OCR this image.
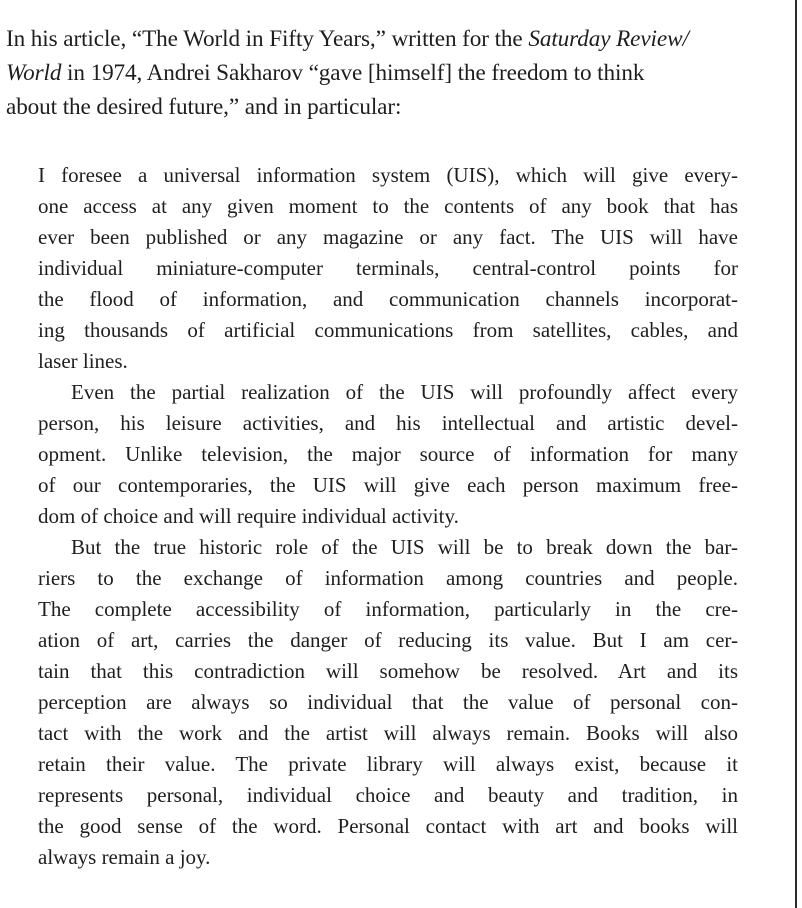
In his article, “The World in Fifty Years,” written for the Saturday Review/
World in 1974, Andrei Sakharov “gave [himself] the freedom to think
about the desired future,” and in particular:
I foresee a universal information system (UIS), which will give every-
one access at any given moment to the contents of any book that has
ever been published or any magazine or any fact. The UIS will have
individual miniature-computer terminals, central-control points for
the flood of information, and communication channels incorporat-
ing thousands of artificial communications from satellites, cables, and
laser lines.
Even the partial realization of the UIS will profoundly affect every
person, his leisure activities, and his intellectual and artistic devel-
opment. Unlike television, the major source of information for many
of our contemporaries, the UIS will give each person maximum free-
dom of choice and will require individual activity.
But the true historic role of the UIS will be to break down the bar-
riers to the exchange of information among countries and people.
The complete accessibility of information, particularly in the cre-
ation of art, carries the danger of reducing its value. But I am cer-
tain that this contradiction will somehow be resolved. Art and its
perception are always so individual that the value of personal con-
tact with the work and the artist will always remain. Books will also
retain their value. The private library will always exist, because it
represents personal, individual choice and beauty and tradition, in
the good sense of the word. Personal contact with art and books will
always remain a joy.
